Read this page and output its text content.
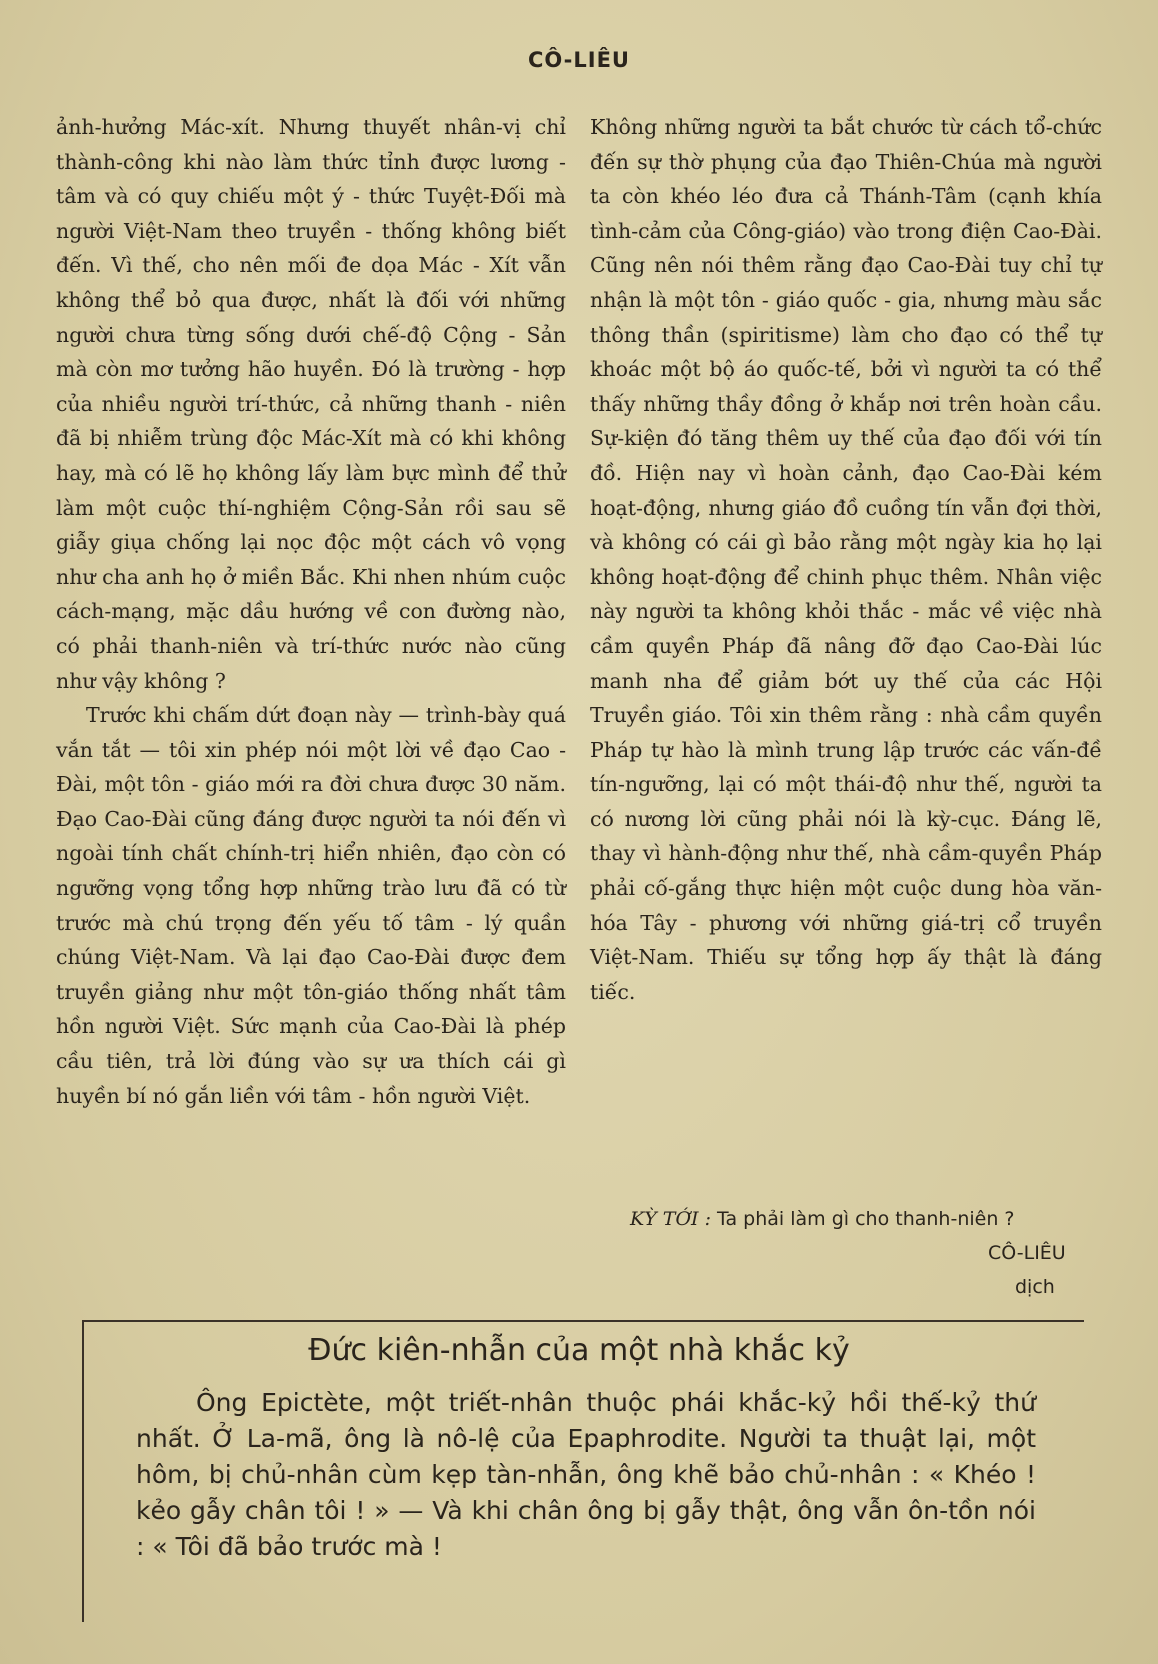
CÔ-LIÊU

ảnh-hưởng Mác-xít. Nhưng thuyết nhân-vị chỉ thành-công khi nào làm thức tỉnh được lương - tâm và có quy chiếu một ý - thức Tuyệt-Đối mà người Việt-Nam theo truyền - thống không biết đến. Vì thế, cho nên mối đe dọa Mác - Xít vẫn không thể bỏ qua được, nhất là đối với những người chưa từng sống dưới chế-độ Cộng - Sản mà còn mơ tưởng hão huyền. Đó là trường - hợp của nhiều người trí-thức, cả những thanh - niên đã bị nhiễm trùng độc Mác-Xít mà có khi không hay, mà có lẽ họ không lấy làm bực mình để thử làm một cuộc thí-nghiệm Cộng-Sản rồi sau sẽ giẫy giụa chống lại nọc độc một cách vô vọng như cha anh họ ở miền Bắc. Khi nhen nhúm cuộc cách-mạng, mặc dầu hướng về con đường nào, có phải thanh-niên và trí-thức nước nào cũng như vậy không ?

Trước khi chấm dứt đoạn này — trình-bày quá vắn tắt — tôi xin phép nói một lời về đạo Cao - Đài, một tôn - giáo mới ra đời chưa được 30 năm. Đạo Cao-Đài cũng đáng được người ta nói đến vì ngoài tính chất chính-trị hiển nhiên, đạo còn có ngưỡng vọng tổng hợp những trào lưu đã có từ trước mà chú trọng đến yếu tố tâm - lý quần chúng Việt-Nam. Và lại đạo Cao-Đài được đem truyền giảng như một tôn-giáo thống nhất tâm hồn người Việt. Sức mạnh của Cao-Đài là phép cầu tiên, trả lời đúng vào sự ưa thích cái gì huyền bí nó gắn liền với tâm - hồn người Việt.

Không những người ta bắt chước từ cách tổ-chức đến sự thờ phụng của đạo Thiên-Chúa mà người ta còn khéo léo đưa cả Thánh-Tâm (cạnh khía tình-cảm của Công-giáo) vào trong điện Cao-Đài. Cũng nên nói thêm rằng đạo Cao-Đài tuy chỉ tự nhận là một tôn - giáo quốc - gia, nhưng màu sắc thông thần (spiritisme) làm cho đạo có thể tự khoác một bộ áo quốc-tế, bởi vì người ta có thể thấy những thầy đồng ở khắp nơi trên hoàn cầu. Sự-kiện đó tăng thêm uy thế của đạo đối với tín đồ. Hiện nay vì hoàn cảnh, đạo Cao-Đài kém hoạt-động, nhưng giáo đồ cuồng tín vẫn đợi thời, và không có cái gì bảo rằng một ngày kia họ lại không hoạt-động để chinh phục thêm. Nhân việc này người ta không khỏi thắc - mắc về việc nhà cầm quyền Pháp đã nâng đỡ đạo Cao-Đài lúc manh nha để giảm bớt uy thế của các Hội Truyền giáo. Tôi xin thêm rằng : nhà cầm quyền Pháp tự hào là mình trung lập trước các vấn-đề tín-ngưỡng, lại có một thái-độ như thế, người ta có nương lời cũng phải nói là kỳ-cục. Đáng lẽ, thay vì hành-động như thế, nhà cầm-quyền Pháp phải cố-gắng thực hiện một cuộc dung hòa văn-hóa Tây - phương với những giá-trị cổ truyền Việt-Nam. Thiếu sự tổng hợp ấy thật là đáng tiếc.

KỲ TỚI : Ta phải làm gì cho thanh-niên ?
CÔ-LIÊU
dịch
Đức kiên-nhẫn của một nhà khắc kỷ

Ông Epictète, một triết-nhân thuộc phái khắc-kỷ hồi thế-kỷ thứ nhất. Ở La-mã, ông là nô-lệ của Epaphrodite. Người ta thuật lại, một hôm, bị chủ-nhân cùm kẹp tàn-nhẫn, ông khẽ bảo chủ-nhân : « Khéo ! kẻo gẫy chân tôi ! » — Và khi chân ông bị gẫy thật, ông vẫn ôn-tồn nói : « Tôi đã bảo trước mà !
